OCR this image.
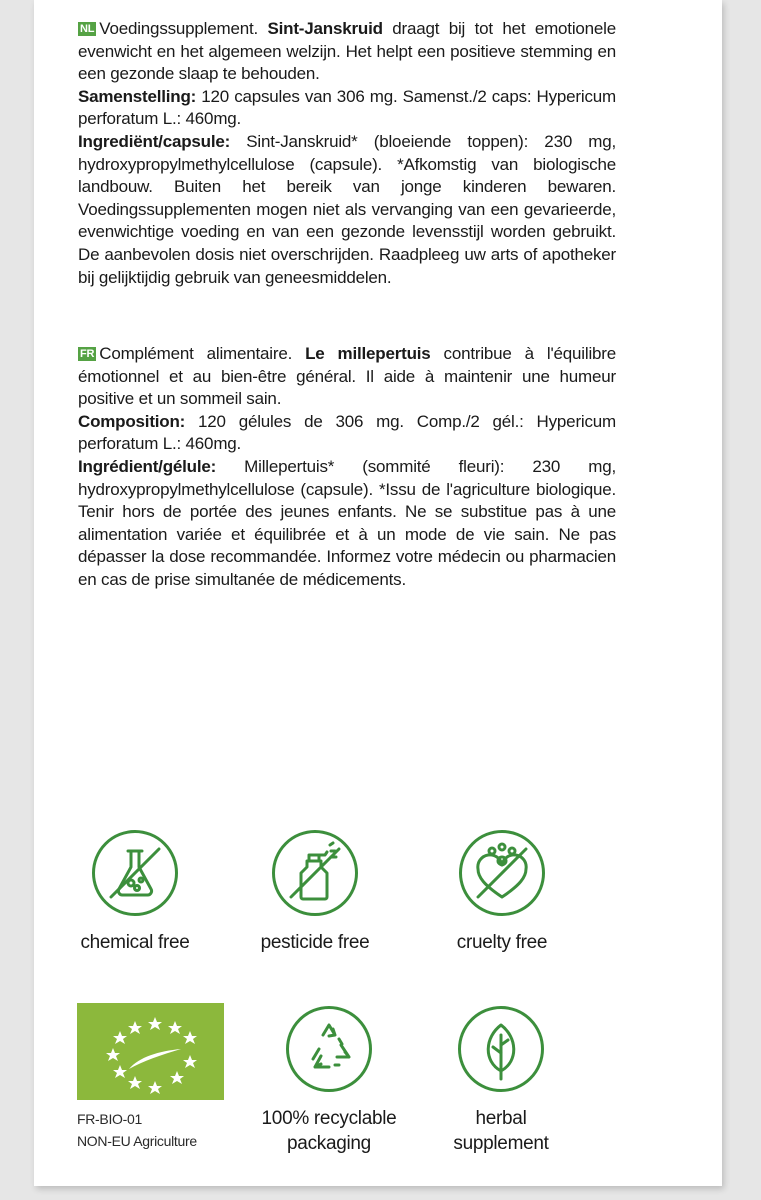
NL Voedingssupplement. Sint-Janskruid draagt bij tot het emotionele evenwicht en het algemeen welzijn. Het helpt een positieve stemming en een gezonde slaap te behouden.

Samenstelling: 120 capsules van 306 mg. Samenst./2 caps: Hypericum perforatum L.: 460mg.

Ingrediënt/capsule: Sint-Janskruid* (bloeiende toppen): 230 mg, hydroxypropylmethylcellulose (capsule). *Afkomstig van biologische landbouw. Buiten het bereik van jonge kinderen bewaren. Voedingssupplementen mogen niet als vervanging van een gevarieerde, evenwichtige voeding en van een gezonde levensstijl worden gebruikt. De aanbevolen dosis niet overschrijden. Raadpleeg uw arts of apotheker bij gelijktijdig gebruik van geneesmiddelen.

FR Complément alimentaire. Le millepertuis contribue à l'équilibre émotionnel et au bien-être général. Il aide à maintenir une humeur positive et un sommeil sain.

Composition: 120 gélules de 306 mg. Comp./2 gél.: Hypericum perforatum L.: 460mg.

Ingrédient/gélule: Millepertuis* (sommité fleuri): 230 mg, hydroxypropylmethylcellulose (capsule). *Issu de l'agriculture biologique. Tenir hors de portée des jeunes enfants. Ne se substitue pas à une alimentation variée et équilibrée et à un mode de vie sain. Ne pas dépasser la dose recommandée. Informez votre médecin ou pharmacien en cas de prise simultanée de médicements.

chemical free	pesticide free	cruelty free
FR-BIO-01
NON-EU Agriculture
100% recyclable
packaging
herbal
supplement
